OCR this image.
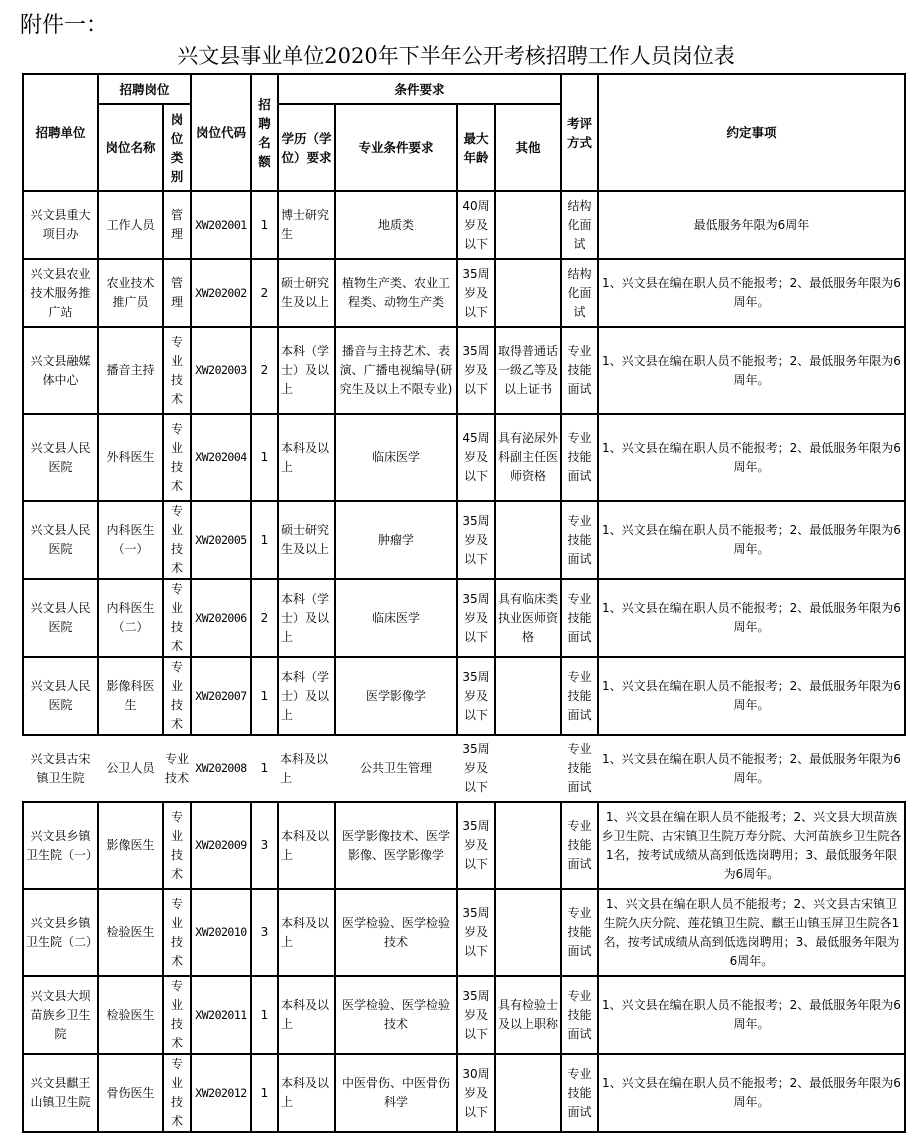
附件一：
兴文县事业单位2020年下半年公开考核招聘工作人员岗位表
招聘单位	招聘岗位		岗位代码	招聘名额	条件要求				考评方式	约定事项
	岗位名称	岗位类别			学历（学位）要求	专业条件要求	最大年龄	其他		
兴文县重大项目办	工作人员	管理	XW202001	1	博士研究生	地质类	40周岁及以下		结构化面试	最低服务年限为6周年
兴文县农业技术服务推广站	农业技术推广员	管理	XW202002	2	硕士研究生及以上	植物生产类、农业工程类、动物生产类	35周岁及以下		结构化面试	1、兴文县在编在职人员不能报考；2、最低服务年限为6周年。
兴文县融媒体中心	播音主持	专业技术	XW202003	2	本科（学士）及以上	播音与主持艺术、表演、广播电视编导(研究生及以上不限专业)	35周岁及以下	取得普通话一级乙等及以上证书	专业技能面试	1、兴文县在编在职人员不能报考；2、最低服务年限为6周年。
兴文县人民医院	外科医生	专业技术	XW202004	1	本科及以上	临床医学	45周岁及以下	具有泌尿外科副主任医师资格	专业技能面试	1、兴文县在编在职人员不能报考；2、最低服务年限为6周年。
兴文县人民医院	内科医生（一）	专业技术	XW202005	1	硕士研究生及以上	肿瘤学	35周岁及以下		专业技能面试	1、兴文县在编在职人员不能报考；2、最低服务年限为6周年。
兴文县人民医院	内科医生（二）	专业技术	XW202006	2	本科（学士）及以上	临床医学	35周岁及以下	具有临床类执业医师资格	专业技能面试	1、兴文县在编在职人员不能报考；2、最低服务年限为6周年。
兴文县人民医院	影像科医生	专业技术	XW202007	1	本科（学士）及以上	医学影像学	35周岁及以下		专业技能面试	1、兴文县在编在职人员不能报考；2、最低服务年限为6周年。
兴文县古宋镇卫生院	公卫人员	专业技术	XW202008	1	本科及以上	公共卫生管理	35周岁及以下		专业技能面试	1、兴文县在编在职人员不能报考；2、最低服务年限为6周年。
兴文县乡镇卫生院（一）	影像医生	专业技术	XW202009	3	本科及以上	医学影像技术、医学影像、医学影像学	35周岁及以下		专业技能面试	1、兴文县在编在职人员不能报考；2、兴文县大坝苗族乡卫生院、古宋镇卫生院万寿分院、大河苗族乡卫生院各1名，按考试成绩从高到低选岗聘用；3、最低服务年限为6周年。
兴文县乡镇卫生院（二）	检验医生	专业技术	XW202010	3	本科及以上	医学检验、医学检验技术	35周岁及以下		专业技能面试	1、兴文县在编在职人员不能报考；2、兴文县古宋镇卫生院久庆分院、莲花镇卫生院、麒王山镇玉屏卫生院各1名，按考试成绩从高到低选岗聘用；3、最低服务年限为6周年。
兴文县大坝苗族乡卫生院	检验医生	专业技术	XW202011	1	本科及以上	医学检验、医学检验技术	35周岁及以下	具有检验士及以上职称	专业技能面试	1、兴文县在编在职人员不能报考；2、最低服务年限为6周年。
兴文县麒王山镇卫生院	骨伤医生	专业技术	XW202012	1	本科及以上	中医骨伤、中医骨伤科学	30周岁及以下		专业技能面试	1、兴文县在编在职人员不能报考；2、最低服务年限为6周年。
